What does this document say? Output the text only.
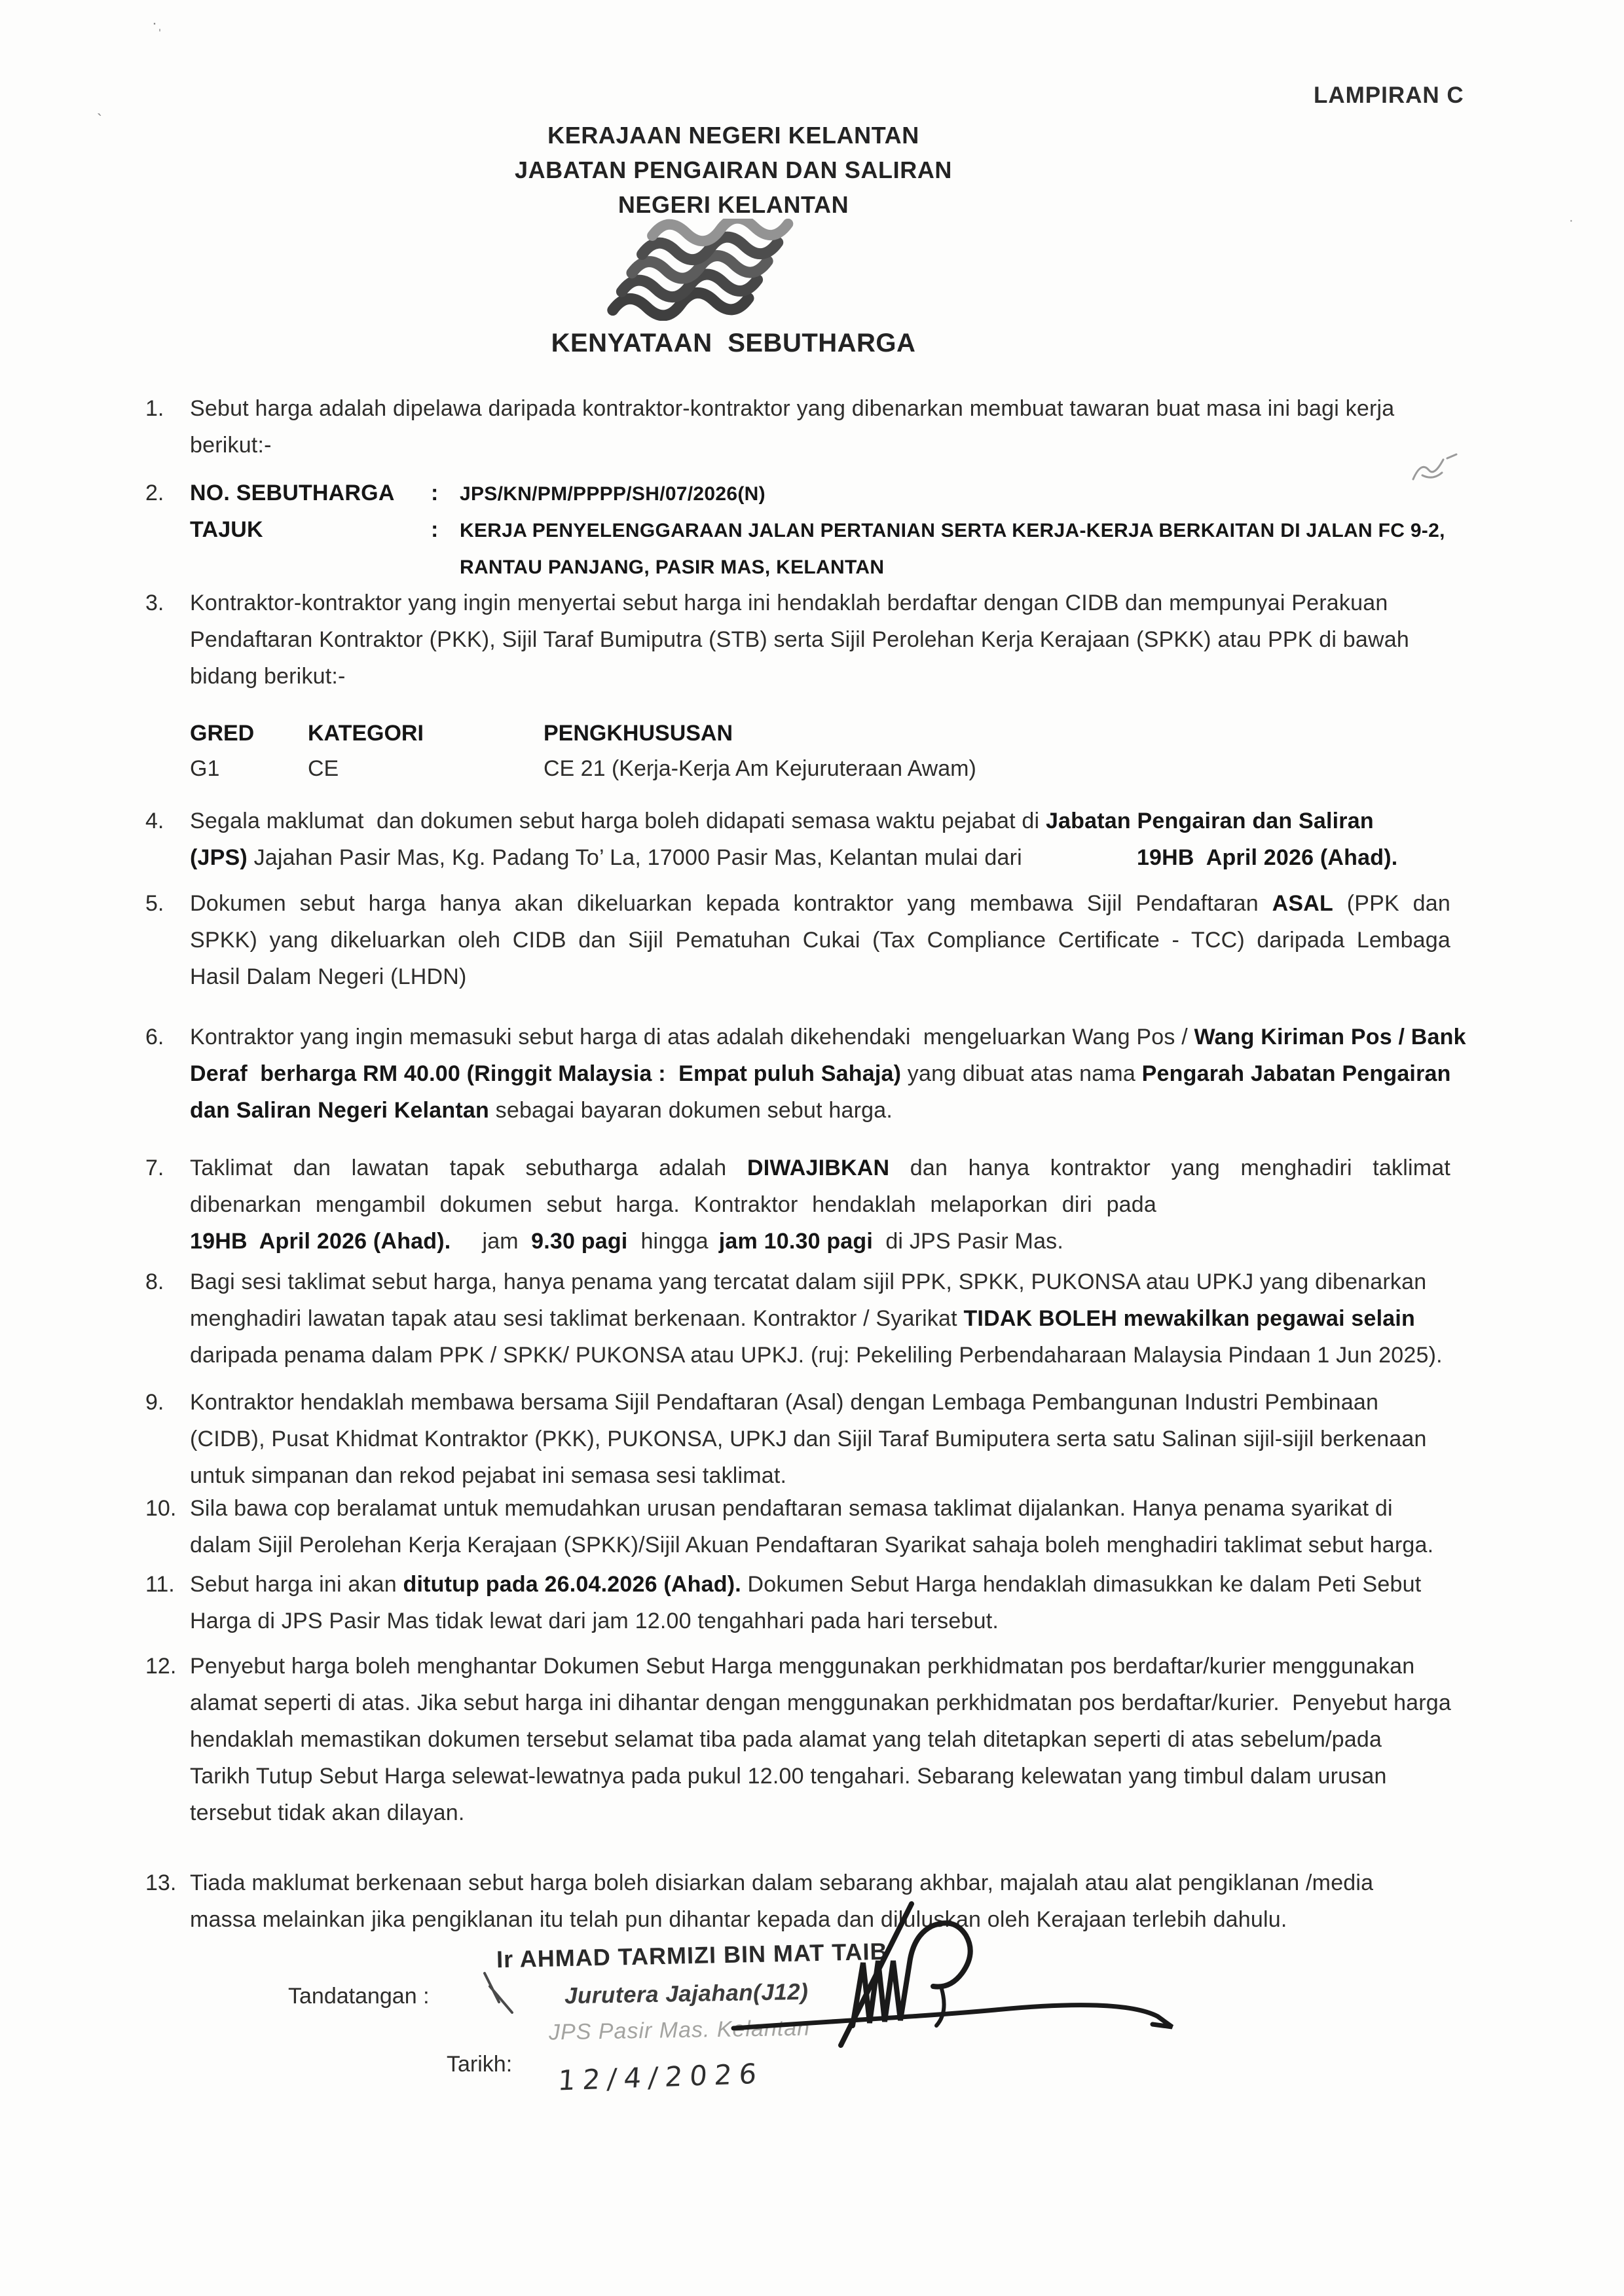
·ˌ
`
·
LAMPIRAN C
KERAJAAN NEGERI KELANTAN
JABATAN PENGAIRAN DAN SALIRAN
NEGERI KELANTAN
KENYATAAN SEBUTHARGA
1. Sebut harga adalah dipelawa daripada kontraktor-kontraktor yang dibenarkan membuat tawaran buat masa ini bagi kerja
berikut:-
2. NO. SEBUTHARGA : JPS/KN/PM/PPPP/SH/07/2026(N)
TAJUK	: KERJA PENYELENGGARAAN JALAN PERTANIAN SERTA KERJA-KERJA BERKAITAN DI JALAN FC 9-2,
RANTAU PANJANG, PASIR MAS, KELANTAN
3. Kontraktor-kontraktor yang ingin menyertai sebut harga ini hendaklah berdaftar dengan CIDB dan mempunyai Perakuan
Pendaftaran Kontraktor (PKK), Sijil Taraf Bumiputra (STB) serta Sijil Perolehan Kerja Kerajaan (SPKK) atau PPK di bawah
bidang berikut:-
GRED	KATEGORI	PENGKHUSUSAN
G1	CE	CE 21 (Kerja-Kerja Am Kejuruteraan Awam)
4. Segala maklumat  dan dokumen sebut harga boleh didapati semasa waktu pejabat di Jabatan Pengairan dan Saliran
(JPS) Jajahan Pasir Mas, Kg. Padang To’ La, 17000 Pasir Mas, Kelantan mulai dari	19HB  April 2026 (Ahad).
5. Dokumen sebut harga hanya akan dikeluarkan kepada kontraktor yang membawa Sijil Pendaftaran ASAL (PPK dan
SPKK) yang dikeluarkan oleh CIDB dan Sijil Pematuhan Cukai (Tax Compliance Certificate - TCC) daripada Lembaga
Hasil Dalam Negeri (LHDN)
6. Kontraktor yang ingin memasuki sebut harga di atas adalah dikehendaki  mengeluarkan Wang Pos / Wang Kiriman Pos / Bank
Deraf  berharga RM 40.00 (Ringgit Malaysia :  Empat puluh Sahaja) yang dibuat atas nama Pengarah Jabatan Pengairan
dan Saliran Negeri Kelantan sebagai bayaran dokumen sebut harga.
7. Taklimat dan lawatan tapak sebutharga adalah DIWAJIBKAN dan hanya kontraktor yang menghadiri taklimat
dibenarkan mengambil dokumen sebut harga. Kontraktor hendaklah melaporkan diri pada
19HB  April 2026 (Ahad). jam  9.30 pagi hingga jam 10.30 pagi  di JPS Pasir Mas.
8. Bagi sesi taklimat sebut harga, hanya penama yang tercatat dalam sijil PPK, SPKK, PUKONSA atau UPKJ yang dibenarkan
menghadiri lawatan tapak atau sesi taklimat berkenaan. Kontraktor / Syarikat TIDAK BOLEH mewakilkan pegawai selain
daripada penama dalam PPK / SPKK/ PUKONSA atau UPKJ. (ruj: Pekeliling Perbendaharaan Malaysia Pindaan 1 Jun 2025).
9. Kontraktor hendaklah membawa bersama Sijil Pendaftaran (Asal) dengan Lembaga Pembangunan Industri Pembinaan
(CIDB), Pusat Khidmat Kontraktor (PKK), PUKONSA, UPKJ dan Sijil Taraf Bumiputera serta satu Salinan sijil-sijil berkenaan
untuk simpanan dan rekod pejabat ini semasa sesi taklimat.
10. Sila bawa cop beralamat untuk memudahkan urusan pendaftaran semasa taklimat dijalankan. Hanya penama syarikat di
dalam Sijil Perolehan Kerja Kerajaan (SPKK)/Sijil Akuan Pendaftaran Syarikat sahaja boleh menghadiri taklimat sebut harga.
11. Sebut harga ini akan ditutup pada 26.04.2026 (Ahad). Dokumen Sebut Harga hendaklah dimasukkan ke dalam Peti Sebut
Harga di JPS Pasir Mas tidak lewat dari jam 12.00 tengahhari pada hari tersebut.
12. Penyebut harga boleh menghantar Dokumen Sebut Harga menggunakan perkhidmatan pos berdaftar/kurier menggunakan
alamat seperti di atas. Jika sebut harga ini dihantar dengan menggunakan perkhidmatan pos berdaftar/kurier.  Penyebut harga
hendaklah memastikan dokumen tersebut selamat tiba pada alamat yang telah ditetapkan seperti di atas sebelum/pada
Tarikh Tutup Sebut Harga selewat-lewatnya pada pukul 12.00 tengahari. Sebarang kelewatan yang timbul dalam urusan
tersebut tidak akan dilayan.
13. Tiada maklumat berkenaan sebut harga boleh disiarkan dalam sebarang akhbar, majalah atau alat pengiklanan /media
massa melainkan jika pengiklanan itu telah pun dihantar kepada dan diluluskan oleh Kerajaan terlebih dahulu.
Ir AHMAD TARMIZI BIN MAT TAIB
Tandatangan :	Jurutera Jajahan(J12)
JPS Pasir Mas. Kelantan
Tarikh: 12/4/2026
